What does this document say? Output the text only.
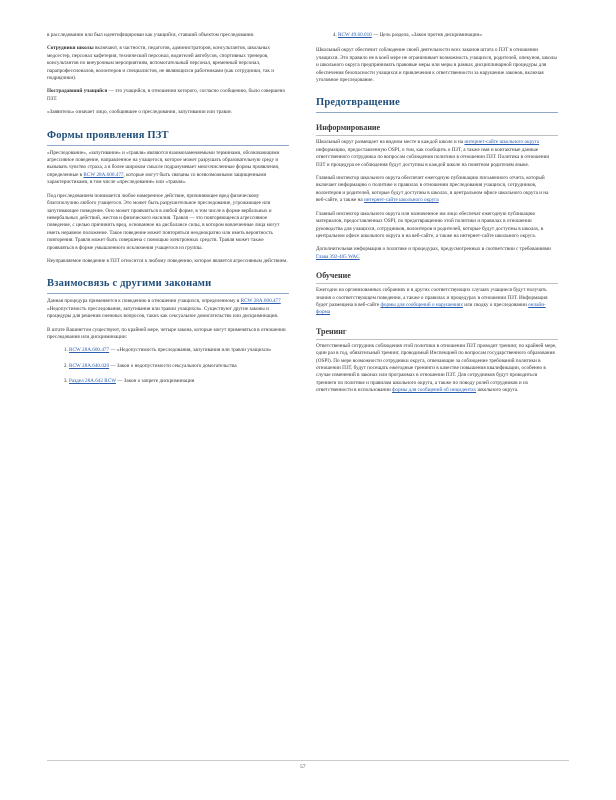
в расследовании или был идентифицирован как учащийся, ставший объектом преследования.

Сотрудники школы включают, в частности, педагогов, администраторов, консультантов, школьных медсестер, персонал кафетерия, технический персонал, водителей автобусов, спортивных тренеров, консультантов по внеурочным мероприятиям, вспомогательный персонал, временный персонал, парапрофессионалов, волонтеров и специалистов, не являющихся работниками (как сотрудники, так и подрядчики).

Пострадавший учащийся — это учащийся, в отношении которого, согласно сообщению, было совершено ПЗТ.

«Заявитель» означает лицо, сообщившее о преследовании, запугивании или травле.

Формы проявления ПЗТ

«Преследование», «запугивание» и «травля» являются взаимозаменяемыми терминами, обозначающими агрессивное поведение, направленное на учащегося, которое может разрушать образовательную среду и вызывать чувство страха, а в более широком смысле подразумевает многочисленные формы проявления, определенные в RCW 28A.600.477, которые могут быть связаны со всевозможными защищенными характеристиками, в том числе «преследование» или «травля».

Под преследованием понимается любое намеренное действие, причиняющее вред физическому благополучию любого учащегося. Это может быть разрушительное преследование, угрожающее или запугивающее поведение. Оно может проявляться в любой форме, в том числе в форме вербальных и невербальных действий, жестов и физического насилия. Травля — это повторяющееся агрессивное поведение, с целью причинить вред, основанное на дисбалансе силы, в котором вовлеченные лица могут иметь неравное положение. Такое поведение может повторяться неоднократно или иметь вероятность повторения. Травля может быть совершена с помощью электронных средств. Травля может также проявляться в форме умышленного исключения учащегося из группы.

Неуправляемое поведение в ПЗТ относится к любому поведению, которое является агрессивным действием.

Взаимосвязь с другими законами

Данная процедура применяется к поведению в отношении учащихся, определенному в RCW 28A.600.477 «Недопустимость преследования, запугивания или травли учащихся». Существуют другие законы и процедуры для решения смежных вопросов, таких как сексуальное домогательство или дискриминация.

В штате Вашингтон существуют, по крайней мере, четыре закона, которые могут применяться в отношении преследования или дискриминации:

1. RCW 28A.600.477 — «Недопустимость преследования, запугивания или травли учащихся»
2. RCW 28A.640.020 — Закон о недопустимости сексуального домогательства
3. Раздел 28A.642 RCW — Закон о запрете дискриминации
4. RCW 49.60.010 — Цель раздела, «Закон против дискриминации»

Школьный округ обеспечит соблюдение своей деятельности всех законов штата о ПЗТ в отношении учащихся. Это правило не в коей мере не ограничивает возможность учащихся, родителей, опекунов, школы и школьного округа предпринимать правовые меры или меры в рамках дисциплинарной процедуры для обеспечения безопасности учащихся и привлечения к ответственности за нарушение законов, включая уголовное преследование.

Предотвращение
Информирование

Школьный округ размещает на видном месте в каждой школе и на интернет-сайте школьного округа информацию, предоставленную OSPI, о том, как сообщить о ПЗТ, а также имя и контактные данные ответственного сотрудника по вопросам соблюдения политики в отношении ПЗТ. Политика в отношении ПЗТ и процедура ее соблюдения будут доступны в каждой школе на понятном родителям языке.

Главный инспектор школьного округа обеспечит ежегодную публикацию письменного отчета, который включает информацию о политике и правилах в отношении преследования учащихся, сотрудников, волонтеров и родителей, которые будут доступны в школах, в центральном офисе школьного округа и на веб-сайте, а также на интернет-сайте школьного округа

Главный инспектор школьного округа или назначенное им лицо обеспечат ежегодную публикацию материалов, предоставленных OSPI, по предотвращению этой политики и правилах в отношении руководства для учащихся, сотрудников, волонтеров и родителей, которые будут доступны в школах, в центральном офисе школьного округа и на веб-сайте, а также на интернет-сайте школьного округа.

Дополнительная информация о политике и процедурах, предусмотренных в соответствии с требованиями Глава 392-405 WAC

Обучение

Ежегодно на организованных собраниях и в других соответствующих случаях учащиеся будут получать знания о соответствующем поведении, а также о правилах и процедурах в отношении ПЗТ. Информация будет размещена в веб-сайте формы для сообщений о нарушениях или сводку о преследовании онлайн-форма

Тренинг

Ответственный сотрудник соблюдения этой политики в отношении ПЗТ проводит тренинг, по крайней мере, один раз в год, обязательный тренинг, проводимый Инспекцией по вопросам государственного образования (OSPI). По мере возможности сотрудники округа, отвечающие за соблюдение требований политики в отношении ПЗТ, будут посещать ежегодные тренинги в качестве повышения квалификации, особенно в случае изменений в законах или программах в отношении ПЗТ. Для сотрудников будут проводиться тренинги по политике и правилам школьного округа, а также по поводу ролей сотрудников и их ответственности в использовании формы для сообщений об инцидентах школьного округа.

57
